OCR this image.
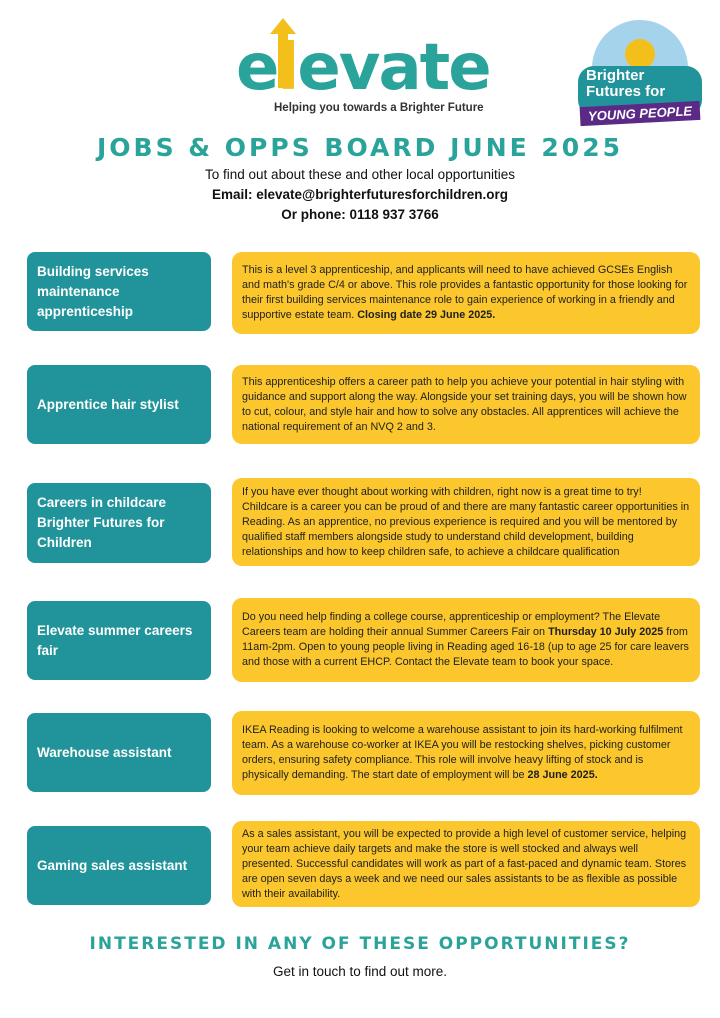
elevate
Helping you towards a Brighter Future
Brighter
Futures for
YOUNG PEOPLE
JOBS & OPPS BOARD JUNE 2025
To find out about these and other local opportunities
Email: elevate@brighterfuturesforchildren.org
Or phone: 0118 937 3766
Building services maintenance apprenticeship
This is a level 3 apprenticeship, and applicants will need to have achieved GCSEs English and math's grade C/4 or above. This role provides a fantastic opportunity for those looking for their first building services maintenance role to gain experience of working in a friendly and supportive estate team. Closing date 29 June 2025.
Apprentice hair stylist
This apprenticeship offers a career path to help you achieve your potential in hair styling with guidance and support along the way. Alongside your set training days, you will be shown how to cut, colour, and style hair and how to solve any obstacles. All apprentices will achieve the national requirement of an NVQ 2 and 3.
Careers in childcare Brighter Futures for Children
If you have ever thought about working with children, right now is a great time to try! Childcare is a career you can be proud of and there are many fantastic career opportunities in Reading. As an apprentice, no previous experience is required and you will be mentored by qualified staff members alongside study to understand child development, building relationships and how to keep children safe, to achieve a childcare qualification
Elevate summer careers fair
Do you need help finding a college course, apprenticeship or employment? The Elevate Careers team are holding their annual Summer Careers Fair on Thursday 10 July 2025 from 11am-2pm. Open to young people living in Reading aged 16-18 (up to age 25 for care leavers and those with a current EHCP. Contact the Elevate team to book your space.
Warehouse assistant
IKEA Reading is looking to welcome a warehouse assistant to join its hard-working fulfilment team. As a warehouse co-worker at IKEA you will be restocking shelves, picking customer orders, ensuring safety compliance. This role will involve heavy lifting of stock and is physically demanding. The start date of employment will be 28 June 2025.
Gaming sales assistant
As a sales assistant, you will be expected to provide a high level of customer service, helping your team achieve daily targets and make the store is well stocked and always well presented. Successful candidates will work as part of a fast-paced and dynamic team. Stores are open seven days a week and we need our sales assistants to be as flexible as possible with their availability.
INTERESTED IN ANY OF THESE OPPORTUNITIES?
Get in touch to find out more.
